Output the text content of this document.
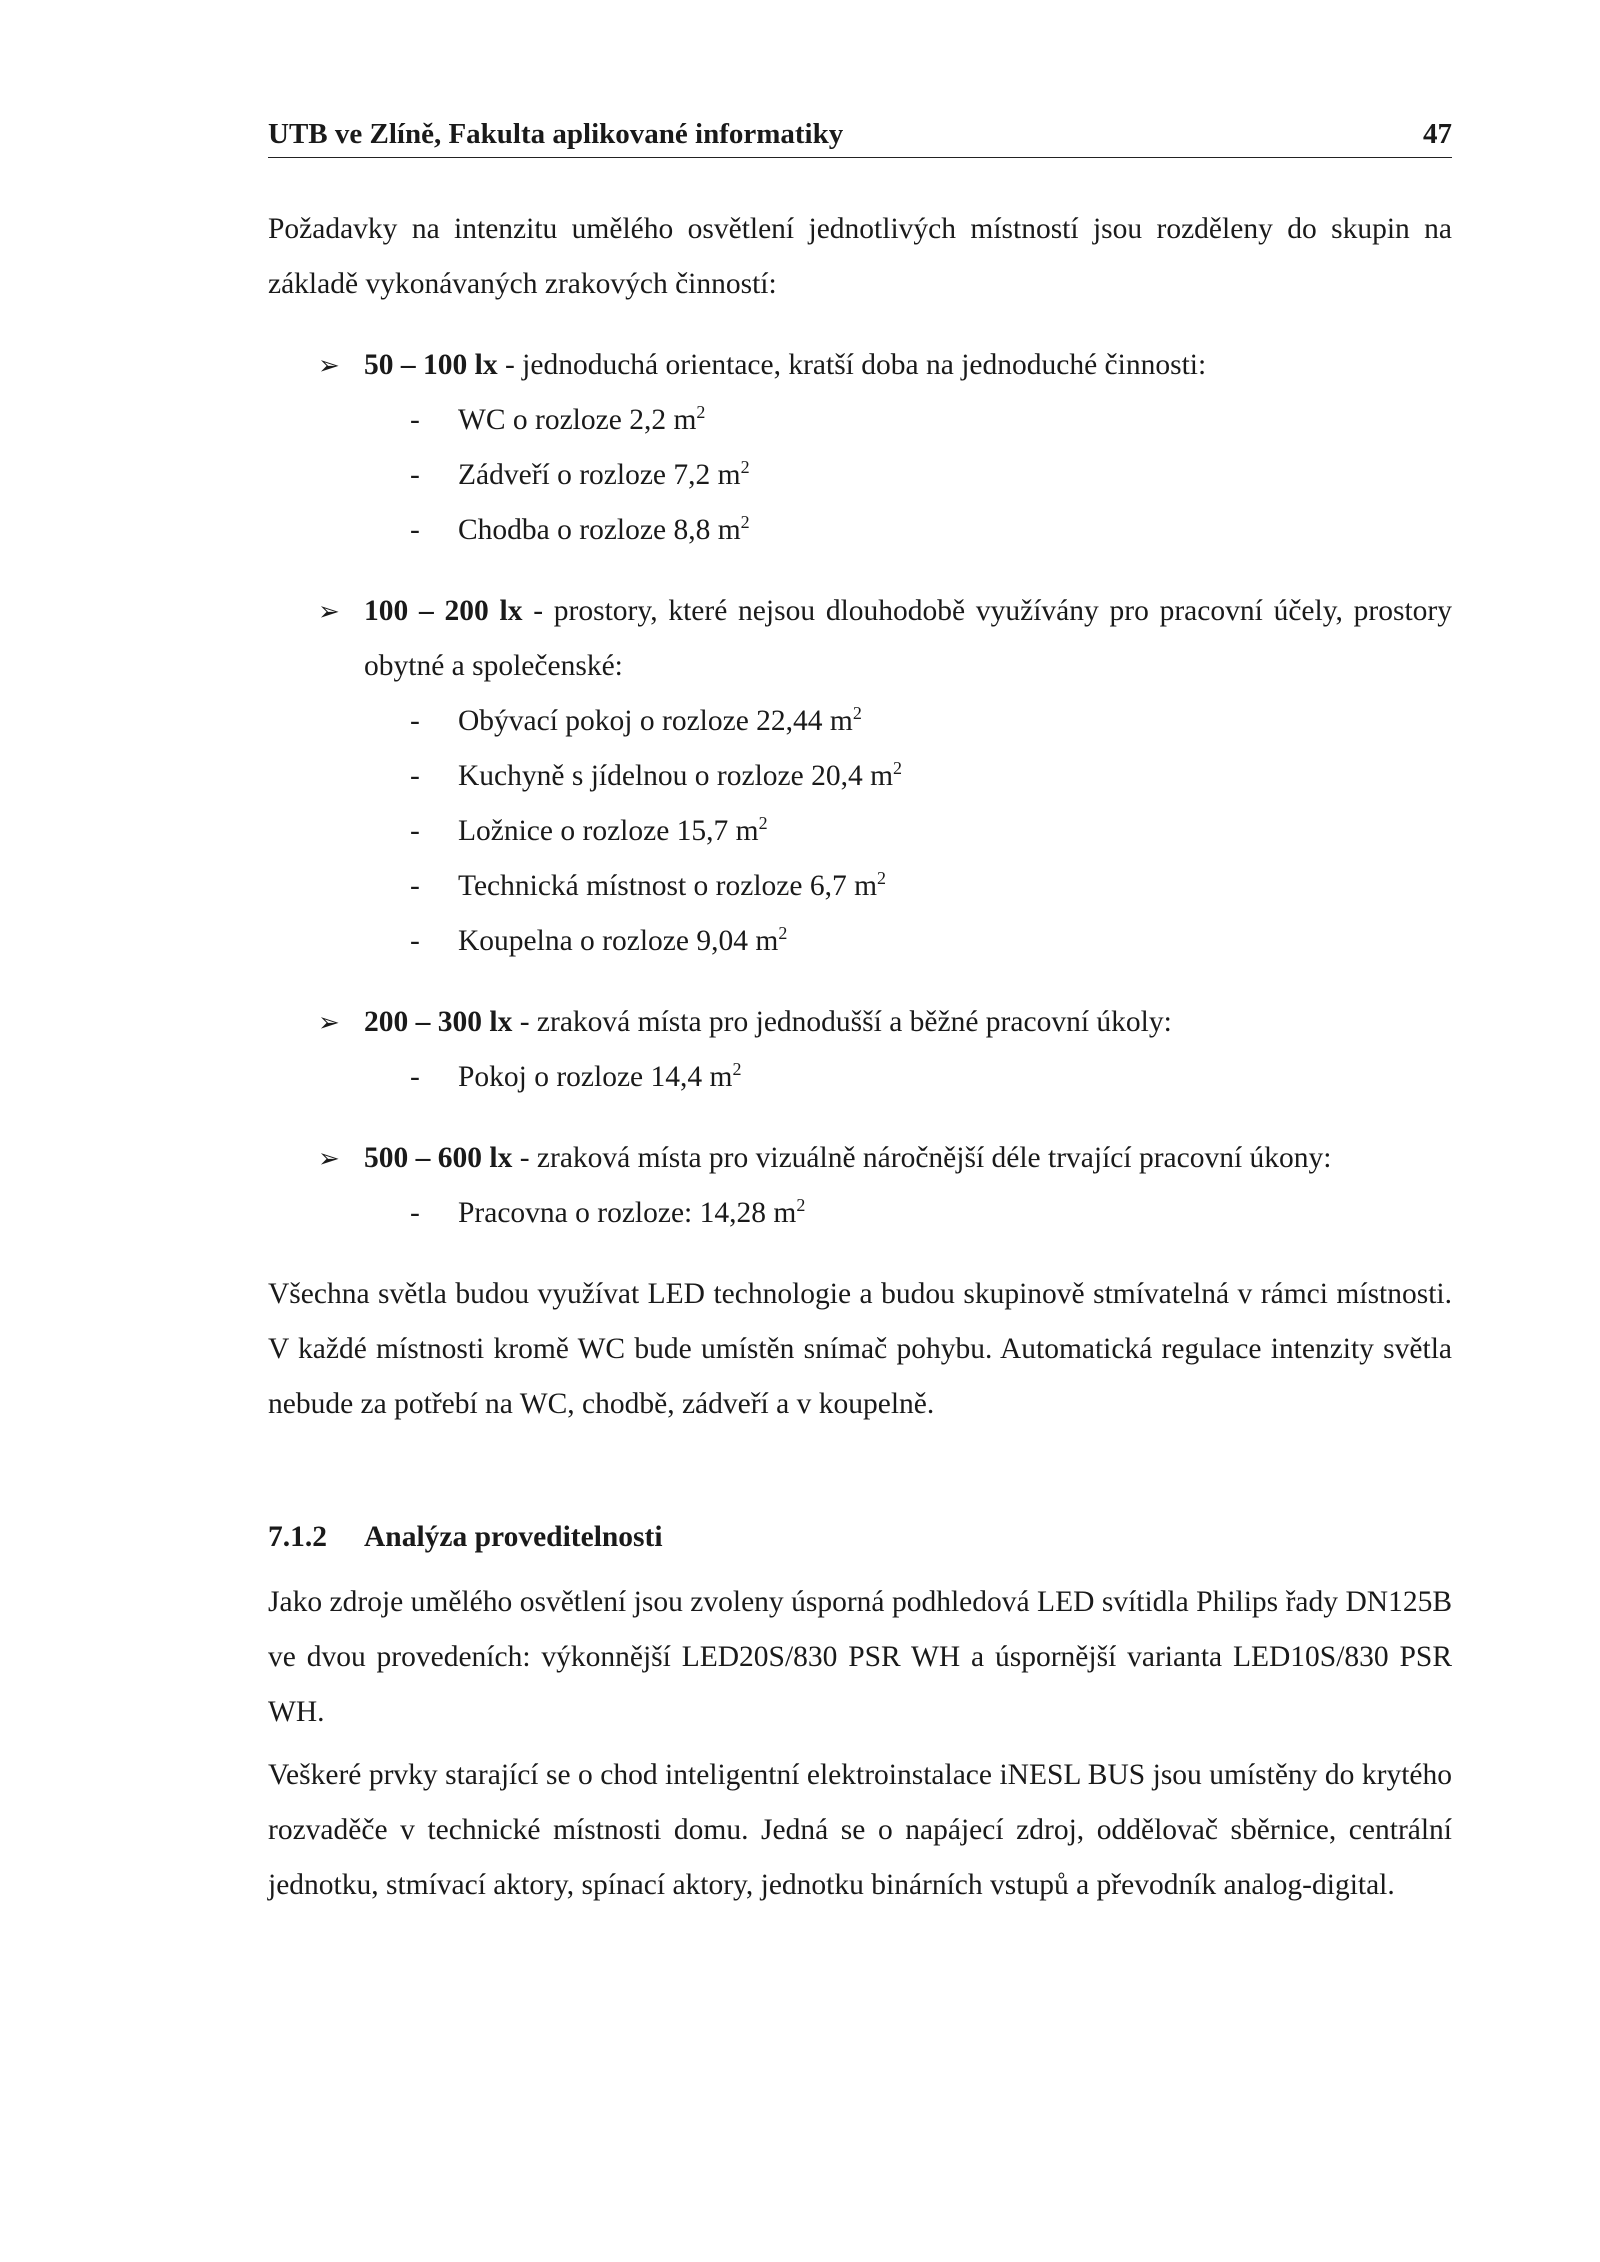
UTB ve Zlíně, Fakulta aplikované informatiky	47

Požadavky na intenzitu umělého osvětlení jednotlivých místností jsou rozděleny do skupin na základě vykonávaných zrakových činností:

➢ 50 – 100 lx - jednoduchá orientace, kratší doba na jednoduché činnosti:
-	WC o rozloze 2,2 $m^2$
-	Zádveří o rozloze 7,2 $m^2$
-	Chodba o rozloze 8,8 $m^2$
➢ 100 – 200 lx - prostory, které nejsou dlouhodobě využívány pro pracovní účely, prostory obytné a společenské:
-	Obývací pokoj o rozloze 22,44 $m^2$
-	Kuchyně s jídelnou o rozloze 20,4 $m^2$
-	Ložnice o rozloze 15,7 $m^2$
-	Technická místnost o rozloze 6,7 $m^2$
-	Koupelna o rozloze 9,04 $m^2$
➢ 200 – 300 lx - zraková místa pro jednodušší a běžné pracovní úkoly:
-	Pokoj o rozloze 14,4 $m^2$
➢ 500 – 600 lx - zraková místa pro vizuálně náročnější déle trvající pracovní úkony:
-	Pracovna o rozloze: 14,28 $m^2$

Všechna světla budou využívat LED technologie a budou skupinově stmívatelná v rámci místnosti. V každé místnosti kromě WC bude umístěn snímač pohybu. Automatická regulace intenzity světla nebude za potřebí na WC, chodbě, zádveří a v koupelně.

7.1.2 Analýza proveditelnosti

Jako zdroje umělého osvětlení jsou zvoleny úsporná podhledová LED svítidla Philips řady DN125B ve dvou provedeních: výkonnější LED20S/830 PSR WH a úspornější varianta LED10S/830 PSR WH.

Veškeré prvky starající se o chod inteligentní elektroinstalace iNESL BUS jsou umístěny do krytého rozvaděče v technické místnosti domu. Jedná se o napájecí zdroj, oddělovač sběrnice, centrální jednotku, stmívací aktory, spínací aktory, jednotku binárních vstupů a převodník analog-digital.
